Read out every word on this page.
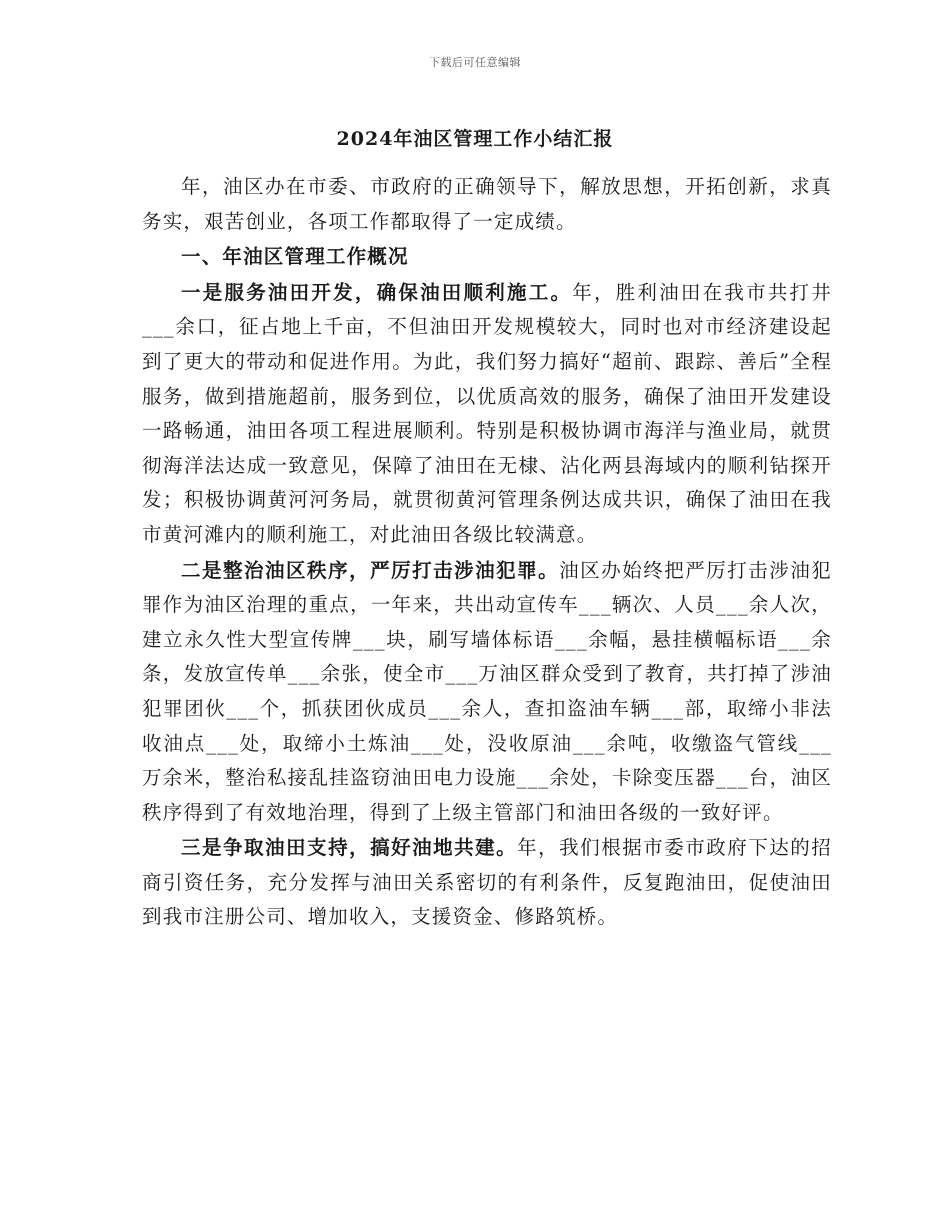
下载后可任意编辑
2024年油区管理工作小结汇报

年，油区办在市委、市政府的正确领导下，解放思想，开拓创新，求真务实，艰苦创业，各项工作都取得了一定成绩。

一、年油区管理工作概况

一是服务油田开发，确保油田顺利施工。年，胜利油田在我市共打井___余口，征占地上千亩，不但油田开发规模较大，同时也对市经济建设起到了更大的带动和促进作用。为此，我们努力搞好“超前、跟踪、善后”全程服务，做到措施超前，服务到位，以优质高效的服务，确保了油田开发建设一路畅通，油田各项工程进展顺利。特别是积极协调市海洋与渔业局，就贯彻海洋法达成一致意见，保障了油田在无棣、沾化两县海域内的顺利钻探开发；积极协调黄河河务局，就贯彻黄河管理条例达成共识，确保了油田在我市黄河滩内的顺利施工，对此油田各级比较满意。

二是整治油区秩序，严厉打击涉油犯罪。油区办始终把严厉打击涉油犯罪作为油区治理的重点，一年来，共出动宣传车___辆次、人员___余人次，建立永久性大型宣传牌___块，刷写墙体标语___余幅，悬挂横幅标语___余条，发放宣传单___余张，使全市___万油区群众受到了教育，共打掉了涉油犯罪团伙___个，抓获团伙成员___余人，查扣盗油车辆___部，取缔小非法收油点___处，取缔小土炼油___处，没收原油___余吨，收缴盗气管线___万余米，整治私接乱挂盗窃油田电力设施___余处，卡除变压器___台，油区秩序得到了有效地治理，得到了上级主管部门和油田各级的一致好评。

三是争取油田支持，搞好油地共建。年，我们根据市委市政府下达的招商引资任务，充分发挥与油田关系密切的有利条件，反复跑油田，促使油田到我市注册公司、增加收入，支援资金、修路筑桥。
